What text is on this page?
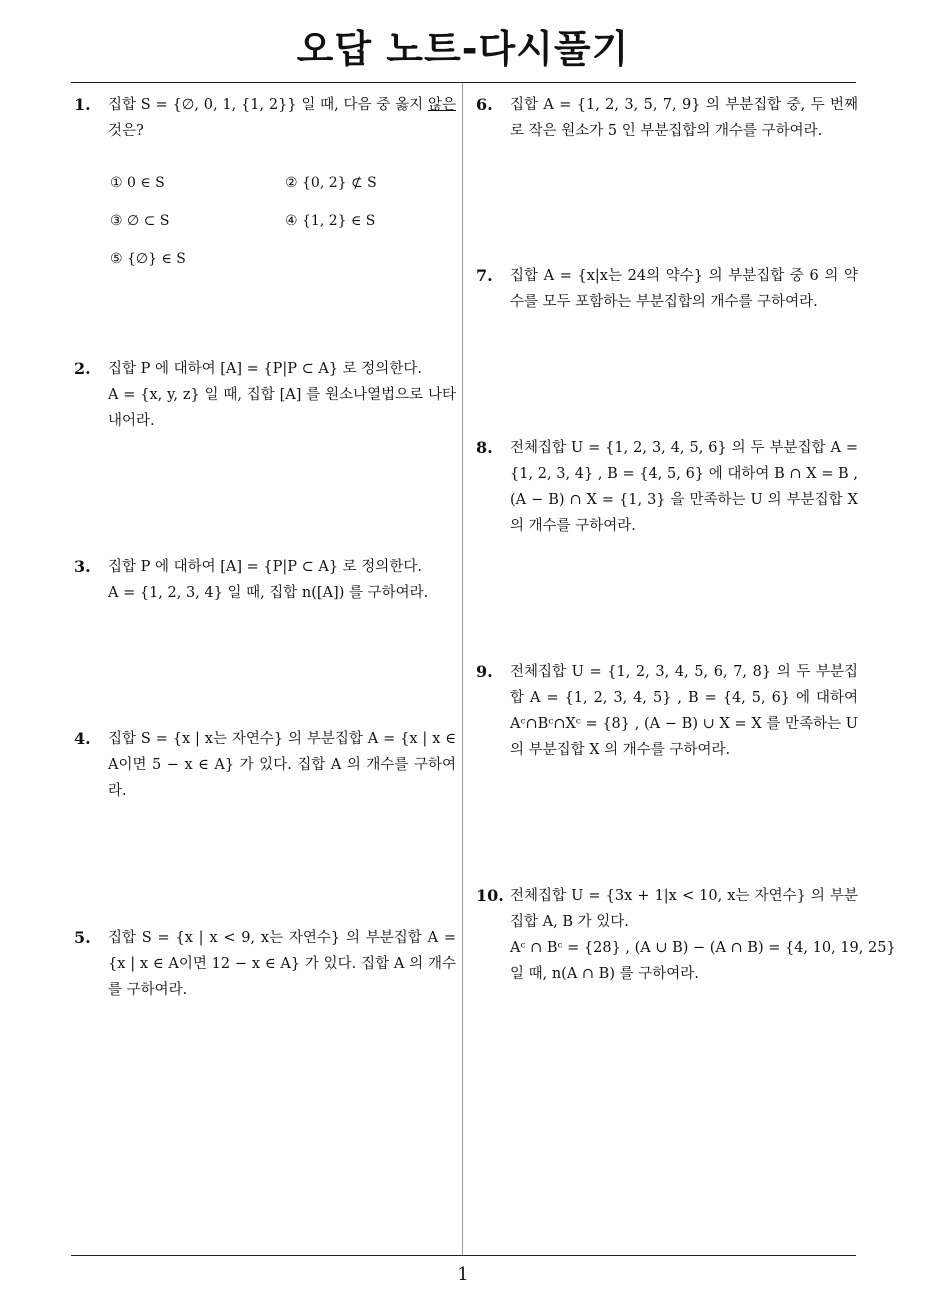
오답 노트-다시풀기
1. 집합 S = {∅, 0, 1, {1, 2}} 일 때, 다음 중 옳지 않은 것은?
① 0 ∈ S	② {0, 2} ⊄ S
③ ∅ ⊂ S	④ {1, 2} ∈ S
⑤ {∅} ∈ S
2. 집합 P 에 대하여 [A] = {P|P ⊂ A} 로 정의한다.

A = {x, y, z} 일 때, 집합 [A] 를 원소나열법으로 나타내어라.

3. 집합 P 에 대하여 [A] = {P|P ⊂ A} 로 정의한다.

A = {1, 2, 3, 4} 일 때, 집합 n([A]) 를 구하여라.

4. 집합 S = {x | x는 자연수} 의 부분집합 A = {x | x ∈ A이면 5 − x ∈ A} 가 있다. 집합 A 의 개수를 구하여라.
5. 집합 S = {x | x < 9, x는 자연수} 의 부분집합 A = {x | x ∈ A이면 12 − x ∈ A} 가 있다. 집합 A 의 개수를 구하여라.
6. 집합 A = {1, 2, 3, 5, 7, 9} 의 부분집합 중, 두 번째로 작은 원소가 5 인 부분집합의 개수를 구하여라.
7. 집합 A = {x|x는 24의 약수} 의 부분집합 중 6 의 약수를 모두 포함하는 부분집합의 개수를 구하여라.
8. 전체집합 U = {1, 2, 3, 4, 5, 6} 의 두 부분집합 A = {1, 2, 3, 4} , B = {4, 5, 6} 에 대하여 B ∩ X = B , (A − B) ∩ X = {1, 3} 을 만족하는 U 의 부분집합 X 의 개수를 구하여라.
9. 전체집합 U = {1, 2, 3, 4, 5, 6, 7, 8} 의 두 부분집합 A = {1, 2, 3, 4, 5} , B = {4, 5, 6} 에 대하여 Aᶜ∩Bᶜ∩Xᶜ = {8} , (A − B) ∪ X = X 를 만족하는 U 의 부분집합 X 의 개수를 구하여라.
10. 전체집합 U = {3x + 1|x < 10, x는 자연수} 의 부분집합 A, B 가 있다.

Aᶜ ∩ Bᶜ = {28} , (A ∪ B) − (A ∩ B) = {4, 10, 19, 25}

일 때, n(A ∩ B) 를 구하여라.

1
